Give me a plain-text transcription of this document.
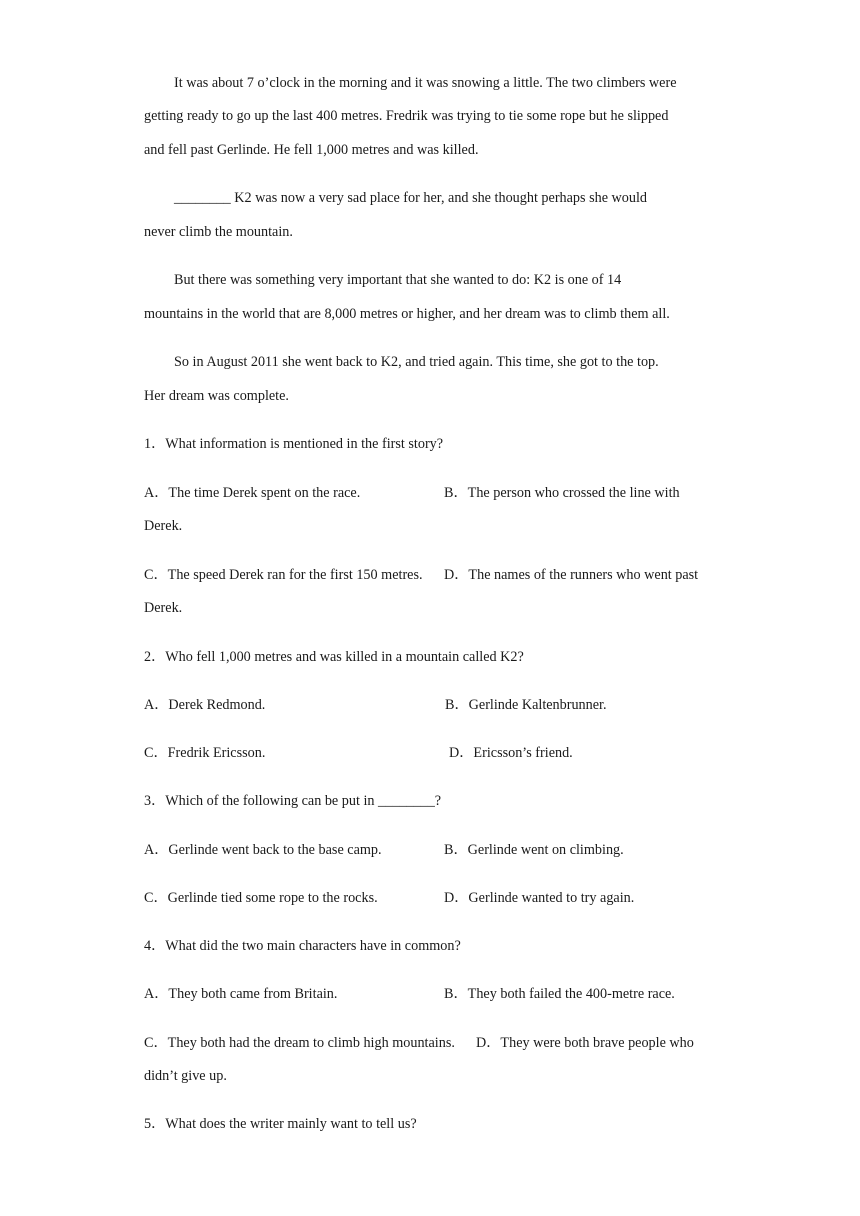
It was about 7 o’clock in the morning and it was snowing a little. The two climbers were
getting ready to go up the last 400 metres. Fredrik was trying to tie some rope but he slipped
and fell past Gerlinde. He fell 1,000 metres and was killed.
________ K2 was now a very sad place for her, and she thought perhaps she would
never climb the mountain.
But there was something very important that she wanted to do: K2 is one of 14
mountains in the world that are 8,000 metres or higher, and her dream was to climb them all.
So in August 2011 she went back to K2, and tried again. This time, she got to the top.
Her dream was complete.
1．What information is mentioned in the first story?
A．The time Derek spent on the race.	B．The person who crossed the line with
Derek.
C．The speed Derek ran for the first 150 metres. D．The names of the runners who went past
Derek.
2．Who fell 1,000 metres and was killed in a mountain called K2?
A．Derek Redmond.	B．Gerlinde Kaltenbrunner.
C．Fredrik Ericsson.	D．Ericsson’s friend.
3．Which of the following can be put in ________?
A．Gerlinde went back to the base camp.	B．Gerlinde went on climbing.
C．Gerlinde tied some rope to the rocks.	D．Gerlinde wanted to try again.
4．What did the two main characters have in common?
A．They both came from Britain.	B．They both failed the 400-metre race.
C．They both had the dream to climb high mountains. D．They were both brave people who
didn’t give up.
5．What does the writer mainly want to tell us?
